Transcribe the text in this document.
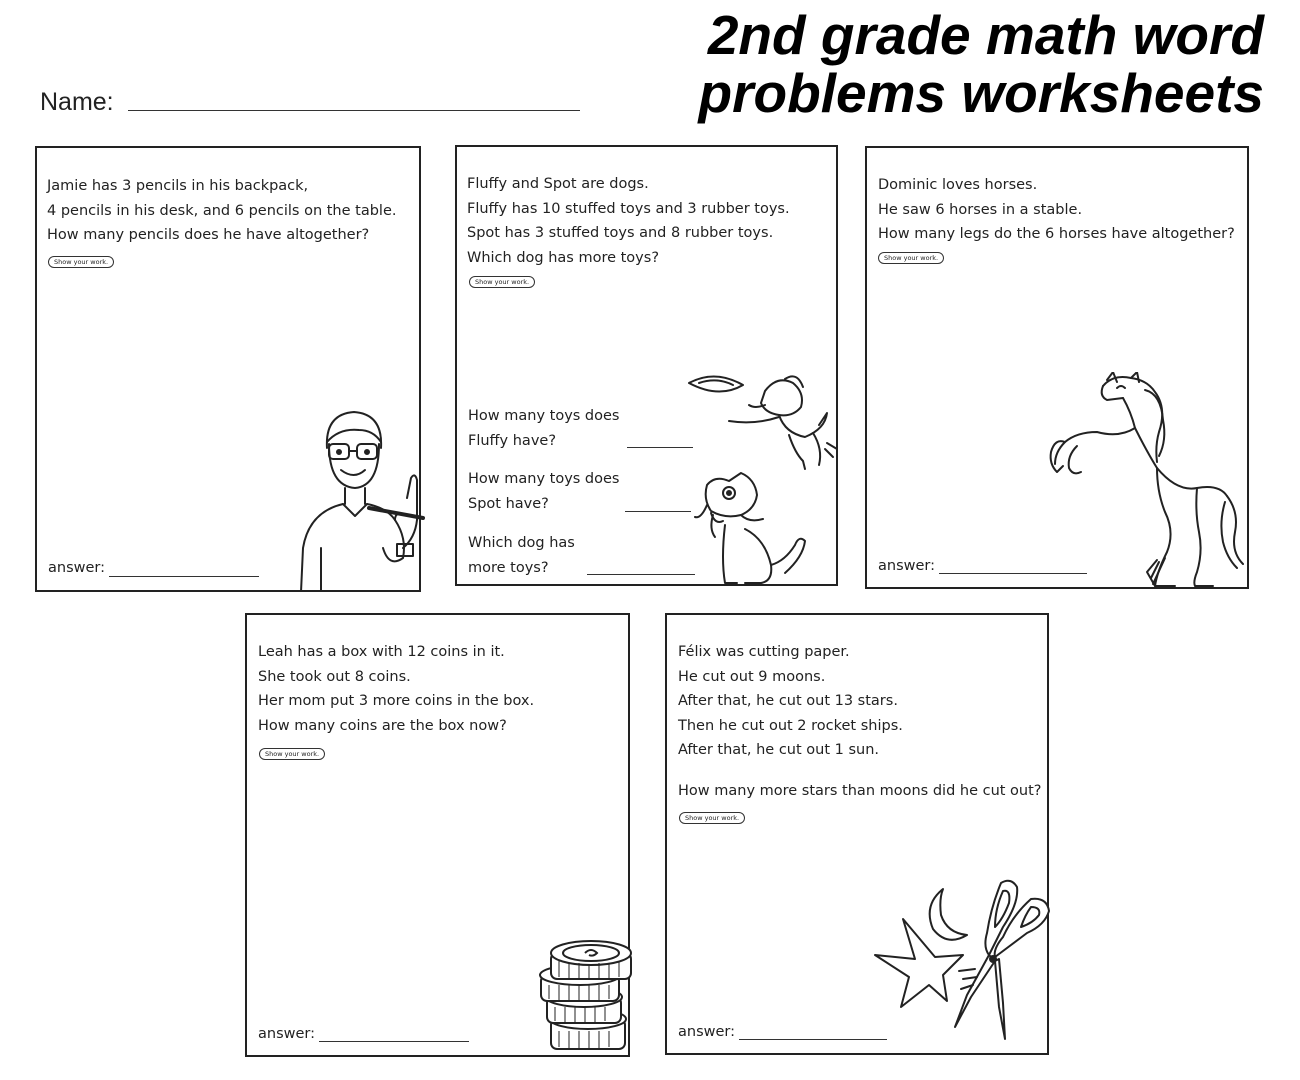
2nd grade math word
problems worksheets
Name:
Jamie has 3 pencils in his backpack,
4 pencils in his desk, and 6 pencils on the table.
How many pencils does he have altogether?
Show your work.
answer:
Fluffy and Spot are dogs.
Fluffy has 10 stuffed toys and 3 rubber toys.
Spot has 3 stuffed toys and 8 rubber toys.
Which dog has more toys?
Show your work.
How many toys does
Fluffy have?
How many toys does
Spot have?
Which dog has
more toys?
Dominic loves horses.
He saw 6 horses in a stable.
How many legs do the 6 horses have altogether?
Show your work.
answer:
Leah has a box with 12 coins in it.
She took out 8 coins.
Her mom put 3 more coins in the box.
How many coins are the box now?
Show your work.
answer:
Félix was cutting paper.
He cut out 9 moons.
After that, he cut out 13 stars.
Then he cut out 2 rocket ships.
After that, he cut out 1 sun.
How many more stars than moons did he cut out?
Show your work.
answer:
